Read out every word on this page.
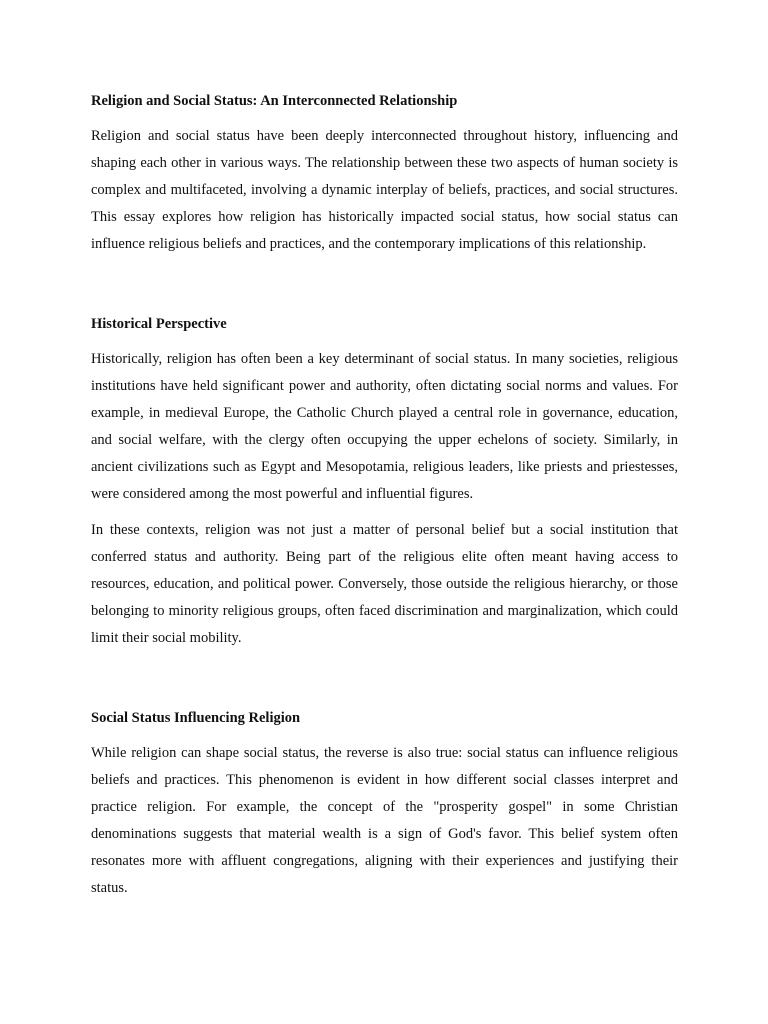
Religion and Social Status: An Interconnected Relationship

Religion and social status have been deeply interconnected throughout history, influencing and shaping each other in various ways. The relationship between these two aspects of human society is complex and multifaceted, involving a dynamic interplay of beliefs, practices, and social structures. This essay explores how religion has historically impacted social status, how social status can influence religious beliefs and practices, and the contemporary implications of this relationship.

Historical Perspective

Historically, religion has often been a key determinant of social status. In many societies, religious institutions have held significant power and authority, often dictating social norms and values. For example, in medieval Europe, the Catholic Church played a central role in governance, education, and social welfare, with the clergy often occupying the upper echelons of society. Similarly, in ancient civilizations such as Egypt and Mesopotamia, religious leaders, like priests and priestesses, were considered among the most powerful and influential figures.

In these contexts, religion was not just a matter of personal belief but a social institution that conferred status and authority. Being part of the religious elite often meant having access to resources, education, and political power. Conversely, those outside the religious hierarchy, or those belonging to minority religious groups, often faced discrimination and marginalization, which could limit their social mobility.

Social Status Influencing Religion

While religion can shape social status, the reverse is also true: social status can influence religious beliefs and practices. This phenomenon is evident in how different social classes interpret and practice religion. For example, the concept of the "prosperity gospel" in some Christian denominations suggests that material wealth is a sign of God's favor. This belief system often resonates more with affluent congregations, aligning with their experiences and justifying their status.
